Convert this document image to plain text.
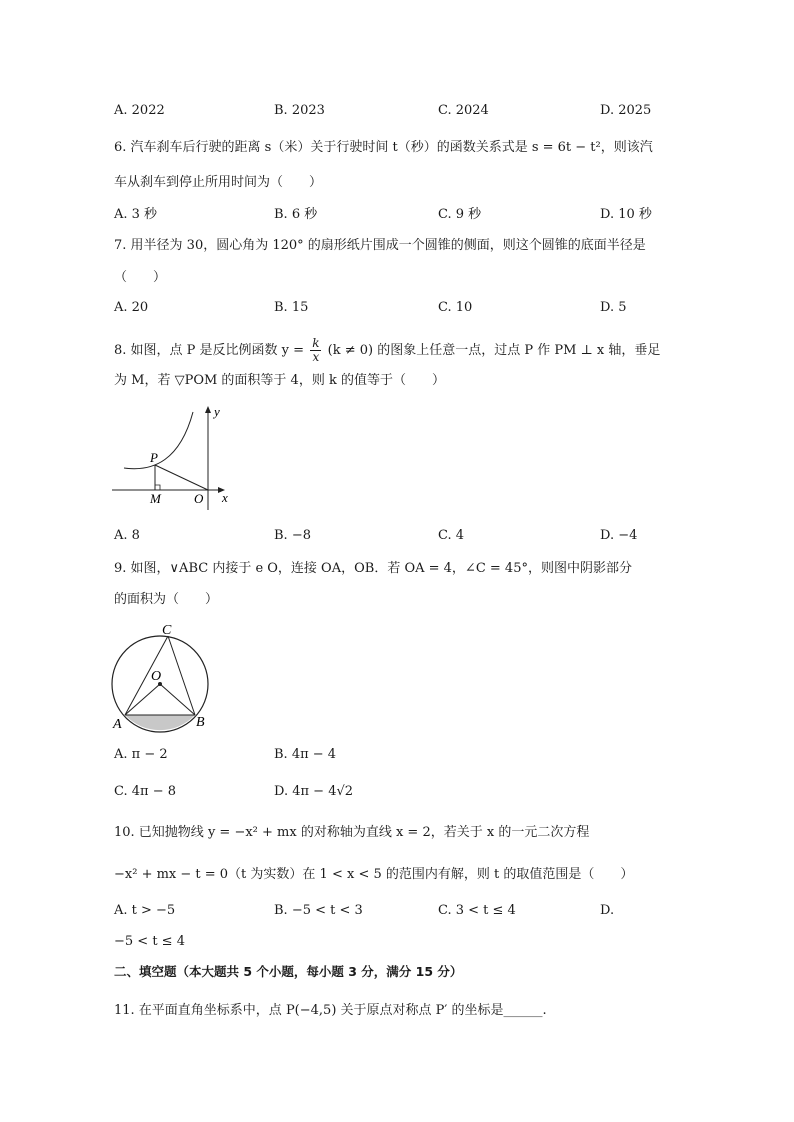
A. 2022	B. 2023	C. 2024	D. 2025
6. 汽车刹车后行驶的距离 s（米）关于行驶时间 t（秒）的函数关系式是 s = 6t − t²，则该汽
车从刹车到停止所用时间为（　　）
A. 3 秒	B. 6 秒	C. 9 秒	D. 10 秒
7. 用半径为 30，圆心角为 120° 的扇形纸片围成一个圆锥的侧面，则这个圆锥的底面半径是
（　　）
A. 20	B. 15	C. 10	D. 5
8. 如图，点 P 是反比例函数 $y = \frac{k}{x} (k \ne 0)$ 的图象上任意一点，过点 P 作 PM ⊥ x 轴，垂足
为 M，若 ▽POM 的面积等于 4，则 k 的值等于（　　）
y
P
M	O x
A. 8	B. −8	C. 4	D. −4
9. 如图，∨ABC 内接于 e O，连接 OA，OB．若 OA = 4，∠C = 45°，则图中阴影部分
的面积为（　　）
C
O
A	B
A. π − 2	B. 4π − 4
C. 4π − 8	D. 4π − 4√2
10. 已知抛物线 y = −x² + mx 的对称轴为直线 x = 2，若关于 x 的一元二次方程
−x² + mx − t = 0（t 为实数）在 1 < x < 5 的范围内有解，则 t 的取值范围是（　　）
A. t > −5	B. −5 < t < 3	C. 3 < t ≤ 4	D.
−5 < t ≤ 4
二、填空题（本大题共 5 个小题，每小题 3 分，满分 15 分）
11. 在平面直角坐标系中，点 P(−4,5) 关于原点对称点 P′ 的坐标是______.
